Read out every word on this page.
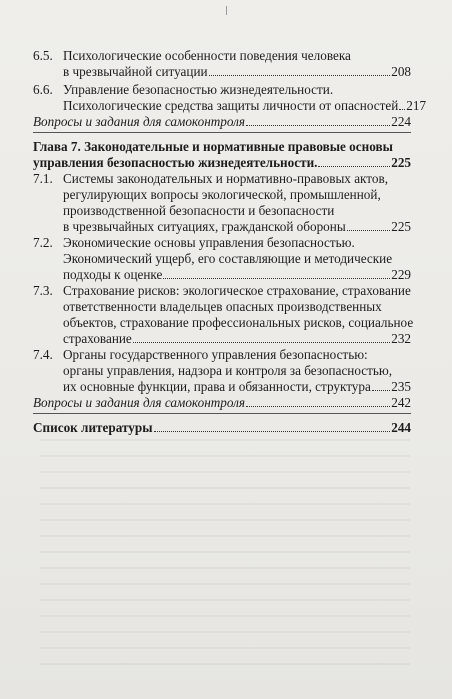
6.5. Психологические особенности поведения человека
в чрезвычайной ситуации	208
6.6. Управление безопасностью жизнедеятельности.
Психологические средства защиты личности от опасностей 217
Вопросы и задания для самоконтроля	224
Глава 7. Законодательные и нормативные правовые основы
управления безопасностью жизнедеятельности.	225
7.1. Системы законодательных и нормативно-правовых актов,
регулирующих вопросы экологической, промышленной,
производственной безопасности и безопасности
в чрезвычайных ситуациях, гражданской обороны	225
7.2. Экономические основы управления безопасностью.
Экономический ущерб, его составляющие и методические
подходы к оценке	229
7.3. Страхование рисков: экологическое страхование, страхование
ответственности владельцев опасных производственных
объектов, страхование профессиональных рисков, социальное
страхование	232
7.4. Органы государственного управления безопасностью:
органы управления, надзора и контроля за безопасностью,
их основные функции, права и обязанности, структура 235
Вопросы и задания для самоконтроля	242
Список литературы	244
